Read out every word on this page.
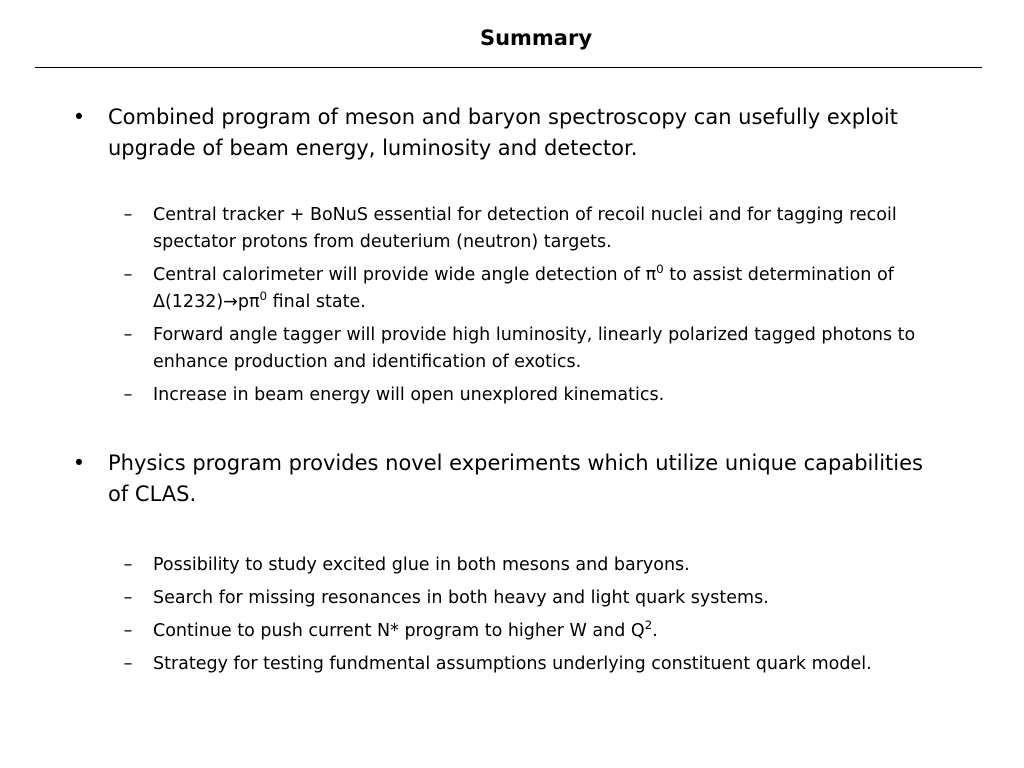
Summary
• Combined program of meson and baryon spectroscopy can usefully exploit upgrade of beam energy, luminosity and detector.
– Central tracker + BoNuS essential for detection of recoil nuclei and for tagging recoil spectator protons from deuterium (neutron) targets.
– Central calorimeter will provide wide angle detection of $\pi^0$ to assist determination of $\Delta(1232)\to p\pi^0$ final state.
– Forward angle tagger will provide high luminosity, linearly polarized tagged photons to enhance production and identification of exotics.
– Increase in beam energy will open unexplored kinematics.
• Physics program provides novel experiments which utilize unique capabilities of CLAS.
– Possibility to study excited glue in both mesons and baryons.
– Search for missing resonances in both heavy and light quark systems.
– Continue to push current N* program to higher W and $Q^2$.
– Strategy for testing fundmental assumptions underlying constituent quark model.
